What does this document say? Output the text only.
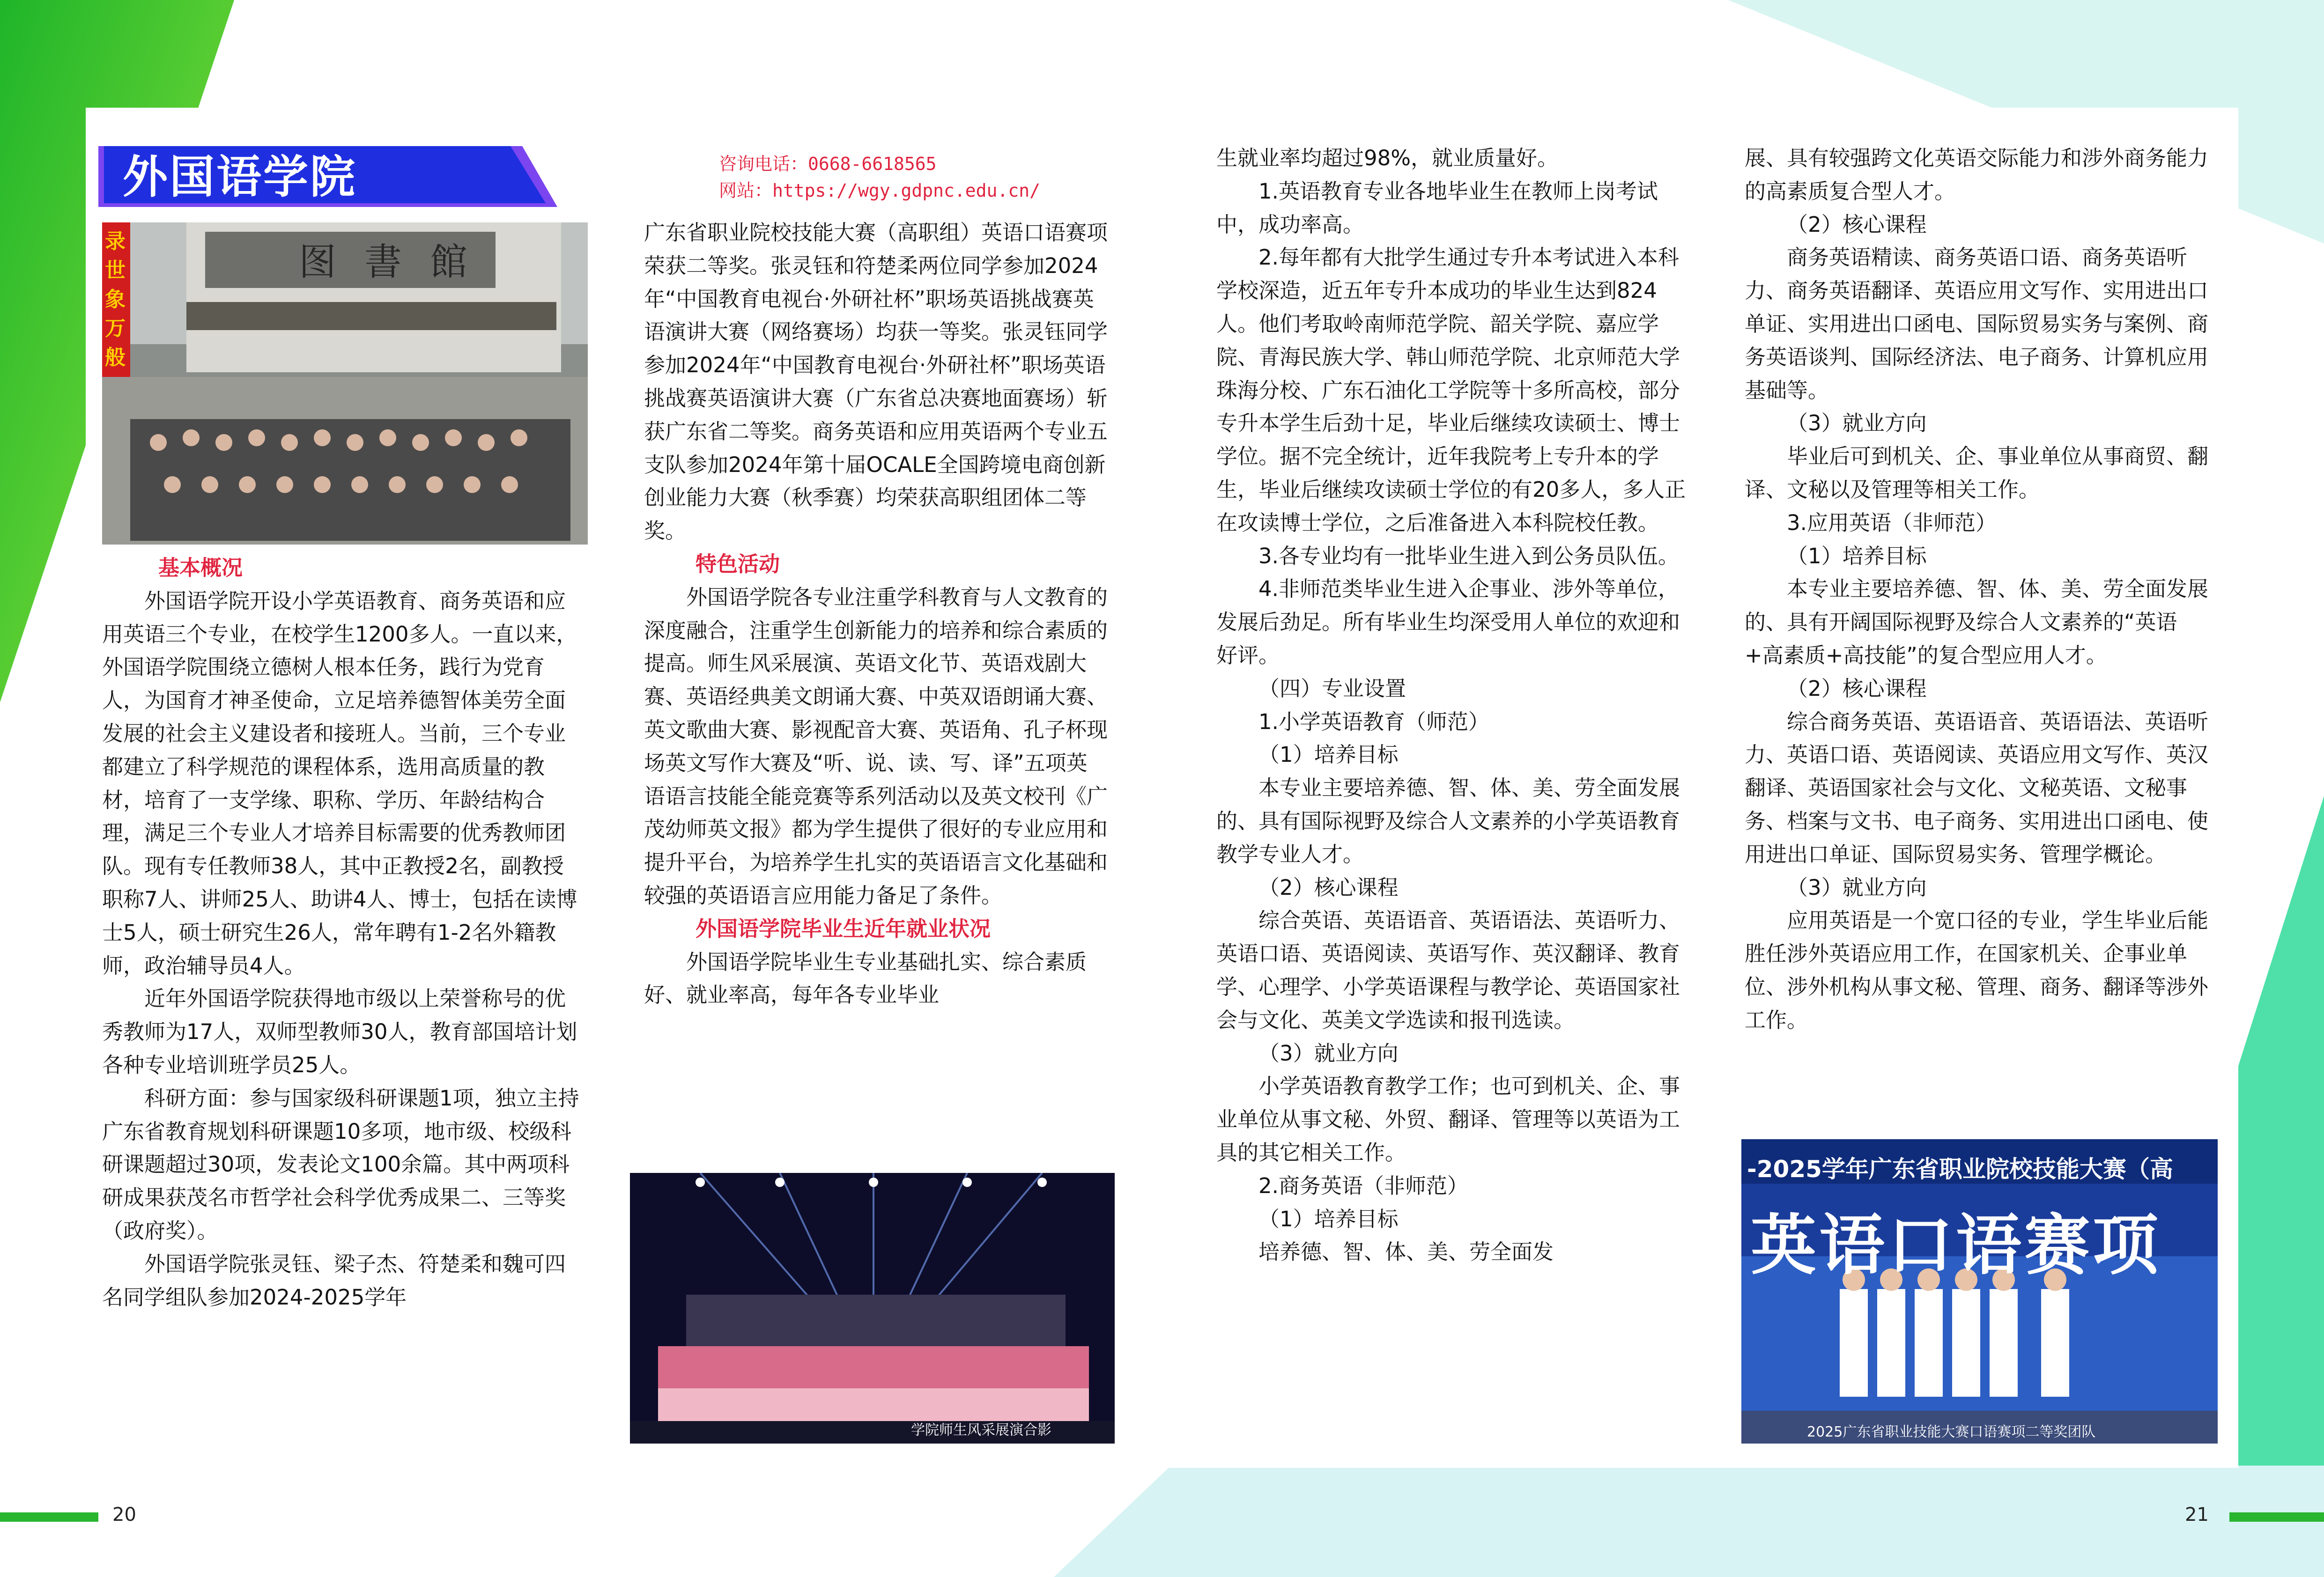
外国语学院	咨询电话：0668-6618565
网站：https://wgy.gdpnc.edu.cn/
图書館
录世象万般

基本概况

外国语学院开设小学英语教育、商务英语和应用英语三个专业，在校学生1200多人。一直以来，外国语学院围绕立德树人根本任务，践行为党育人，为国育才神圣使命，立足培养德智体美劳全面发展的社会主义建设者和接班人。当前，三个专业都建立了科学规范的课程体系，选用高质量的教材，培育了一支学缘、职称、学历、年龄结构合理，满足三个专业人才培养目标需要的优秀教师团队。现有专任教师38人，其中正教授2名，副教授职称7人、讲师25人、助讲4人、博士，包括在读博士5人，硕士研究生26人，常年聘有1-2名外籍教师，政治辅导员4人。

近年外国语学院获得地市级以上荣誉称号的优秀教师为17人，双师型教师30人，教育部国培计划各种专业培训班学员25人。

科研方面：参与国家级科研课题1项，独立主持广东省教育规划科研课题10多项，地市级、校级科研课题超过30项，发表论文100余篇。其中两项科研成果获茂名市哲学社会科学优秀成果二、三等奖（政府奖）。

外国语学院张灵钰、梁子杰、符楚柔和魏可四名同学组队参加2024-2025学年

广东省职业院校技能大赛（高职组）英语口语赛项荣获二等奖。张灵钰和符楚柔两位同学参加2024年“中国教育电视台·外研社杯”职场英语挑战赛英语演讲大赛（网络赛场）均获一等奖。张灵钰同学参加2024年“中国教育电视台·外研社杯”职场英语挑战赛英语演讲大赛（广东省总决赛地面赛场）斩获广东省二等奖。商务英语和应用英语两个专业五支队参加2024年第十届OCALE全国跨境电商创新创业能力大赛（秋季赛）均荣获高职组团体二等奖。

特色活动

外国语学院各专业注重学科教育与人文教育的深度融合，注重学生创新能力的培养和综合素质的提高。师生风采展演、英语文化节、英语戏剧大赛、英语经典美文朗诵大赛、中英双语朗诵大赛、英文歌曲大赛、影视配音大赛、英语角、孔子杯现场英文写作大赛及“听、说、读、写、译”五项英语语言技能全能竞赛等系列活动以及英文校刊《广茂幼师英文报》都为学生提供了很好的专业应用和提升平台，为培养学生扎实的英语语言文化基础和较强的英语语言应用能力备足了条件。

外国语学院毕业生近年就业状况

外国语学院毕业生专业基础扎实、综合素质好、就业率高，每年各专业毕业

学院师生风采展演合影

生就业率均超过98%，就业质量好。

1.英语教育专业各地毕业生在教师上岗考试中，成功率高。

2.每年都有大批学生通过专升本考试进入本科学校深造，近五年专升本成功的毕业生达到824人。他们考取岭南师范学院、韶关学院、嘉应学院、青海民族大学、韩山师范学院、北京师范大学珠海分校、广东石油化工学院等十多所高校，部分专升本学生后劲十足，毕业后继续攻读硕士、博士学位。据不完全统计，近年我院考上专升本的学生，毕业后继续攻读硕士学位的有20多人，多人正在攻读博士学位，之后准备进入本科院校任教。

3.各专业均有一批毕业生进入到公务员队伍。

4.非师范类毕业生进入企事业、涉外等单位，发展后劲足。所有毕业生均深受用人单位的欢迎和好评。

（四）专业设置

1.小学英语教育（师范）

（1）培养目标

本专业主要培养德、智、体、美、劳全面发展的、具有国际视野及综合人文素养的小学英语教育教学专业人才。

（2）核心课程

综合英语、英语语音、英语语法、英语听力、英语口语、英语阅读、英语写作、英汉翻译、教育学、心理学、小学英语课程与教学论、英语国家社会与文化、英美文学选读和报刊选读。

（3）就业方向

小学英语教育教学工作；也可到机关、企、事业单位从事文秘、外贸、翻译、管理等以英语为工具的其它相关工作。

2.商务英语（非师范）

（1）培养目标

培养德、智、体、美、劳全面发

展、具有较强跨文化英语交际能力和涉外商务能力的高素质复合型人才。

（2）核心课程

商务英语精读、商务英语口语、商务英语听力、商务英语翻译、英语应用文写作、实用进出口单证、实用进出口函电、国际贸易实务与案例、商务英语谈判、国际经济法、电子商务、计算机应用基础等。

（3）就业方向

毕业后可到机关、企、事业单位从事商贸、翻译、文秘以及管理等相关工作。

3.应用英语（非师范）

（1）培养目标

本专业主要培养德、智、体、美、劳全面发展的、具有开阔国际视野及综合人文素养的“英语+高素质+高技能”的复合型应用人才。

（2）核心课程

综合商务英语、英语语音、英语语法、英语听力、英语口语、英语阅读、英语应用文写作、英汉翻译、英语国家社会与文化、文秘英语、文秘事务、档案与文书、电子商务、实用进出口函电、使用进出口单证、国际贸易实务、管理学概论。

（3）就业方向

应用英语是一个宽口径的专业，学生毕业后能胜任涉外英语应用工作，在国家机关、企事业单位、涉外机构从事文秘、管理、商务、翻译等涉外工作。

-2025学年广东省职业院校技能大赛（高
英语口语赛项
2025广东省职业技能大赛口语赛项二等奖团队
20	21
